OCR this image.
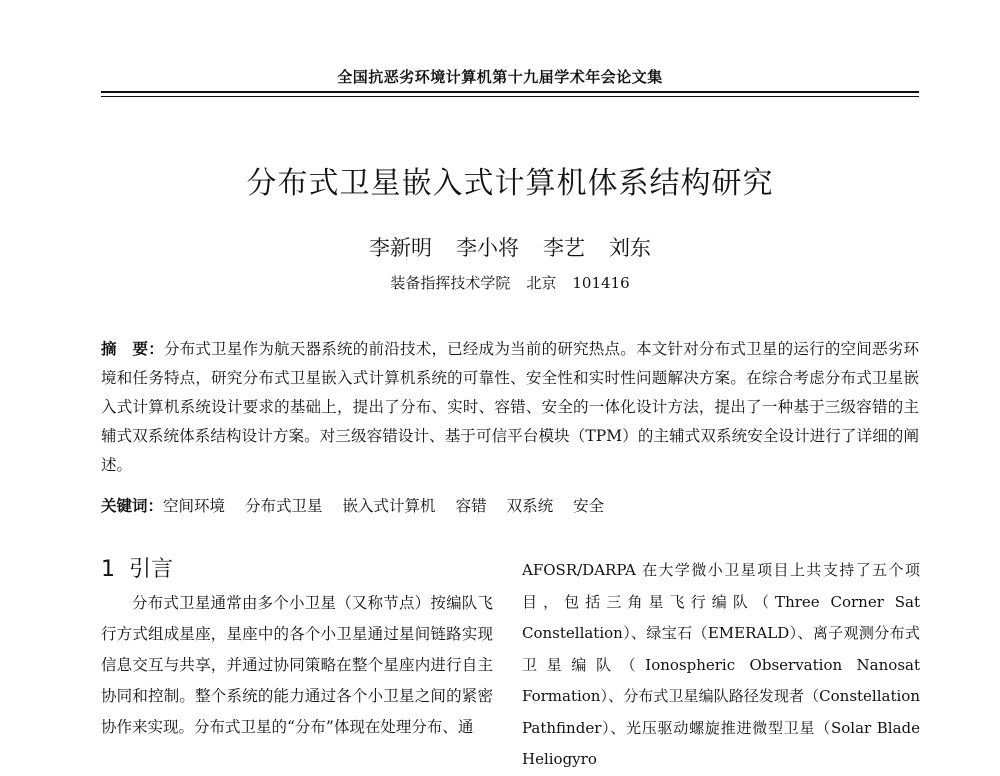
全国抗恶劣环境计算机第十九届学术年会论文集
分布式卫星嵌入式计算机体系结构研究
李新明 李小将 李艺 刘东
装备指挥技术学院 北京 101416
摘　要：分布式卫星作为航天器系统的前沿技术，已经成为当前的研究热点。本文针对分布式卫星的运行的空间恶劣环境和任务特点，研究分布式卫星嵌入式计算机系统的可靠性、安全性和实时性问题解决方案。在综合考虑分布式卫星嵌入式计算机系统设计要求的基础上，提出了分布、实时、容错、安全的一体化设计方法，提出了一种基于三级容错的主辅式双系统体系结构设计方案。对三级容错设计、基于可信平台模块（TPM）的主辅式双系统安全设计进行了详细的阐述。
关键词：空间环境 分布式卫星 嵌入式计算机 容错 双系统 安全
1 引言
分布式卫星通常由多个小卫星（又称节点）按编队飞行方式组成星座，星座中的各个小卫星通过星间链路实现信息交互与共享，并通过协同策略在整个星座内进行自主协同和控制。整个系统的能力通过各个小卫星之间的紧密协作来实现。分布式卫星的“分布”体现在处理分布、通
AFOSR/DARPA 在大学微小卫星项目上共支持了五个项目，包括三角星飞行编队（Three Corner Sat Constellation）、绿宝石（EMERALD）、离子观测分布式卫星编队（Ionospheric Observation Nanosat Formation）、分布式卫星编队路径发现者（Constellation Pathfinder）、光压驱动螺旋推进微型卫星（Solar Blade Heliogyro
